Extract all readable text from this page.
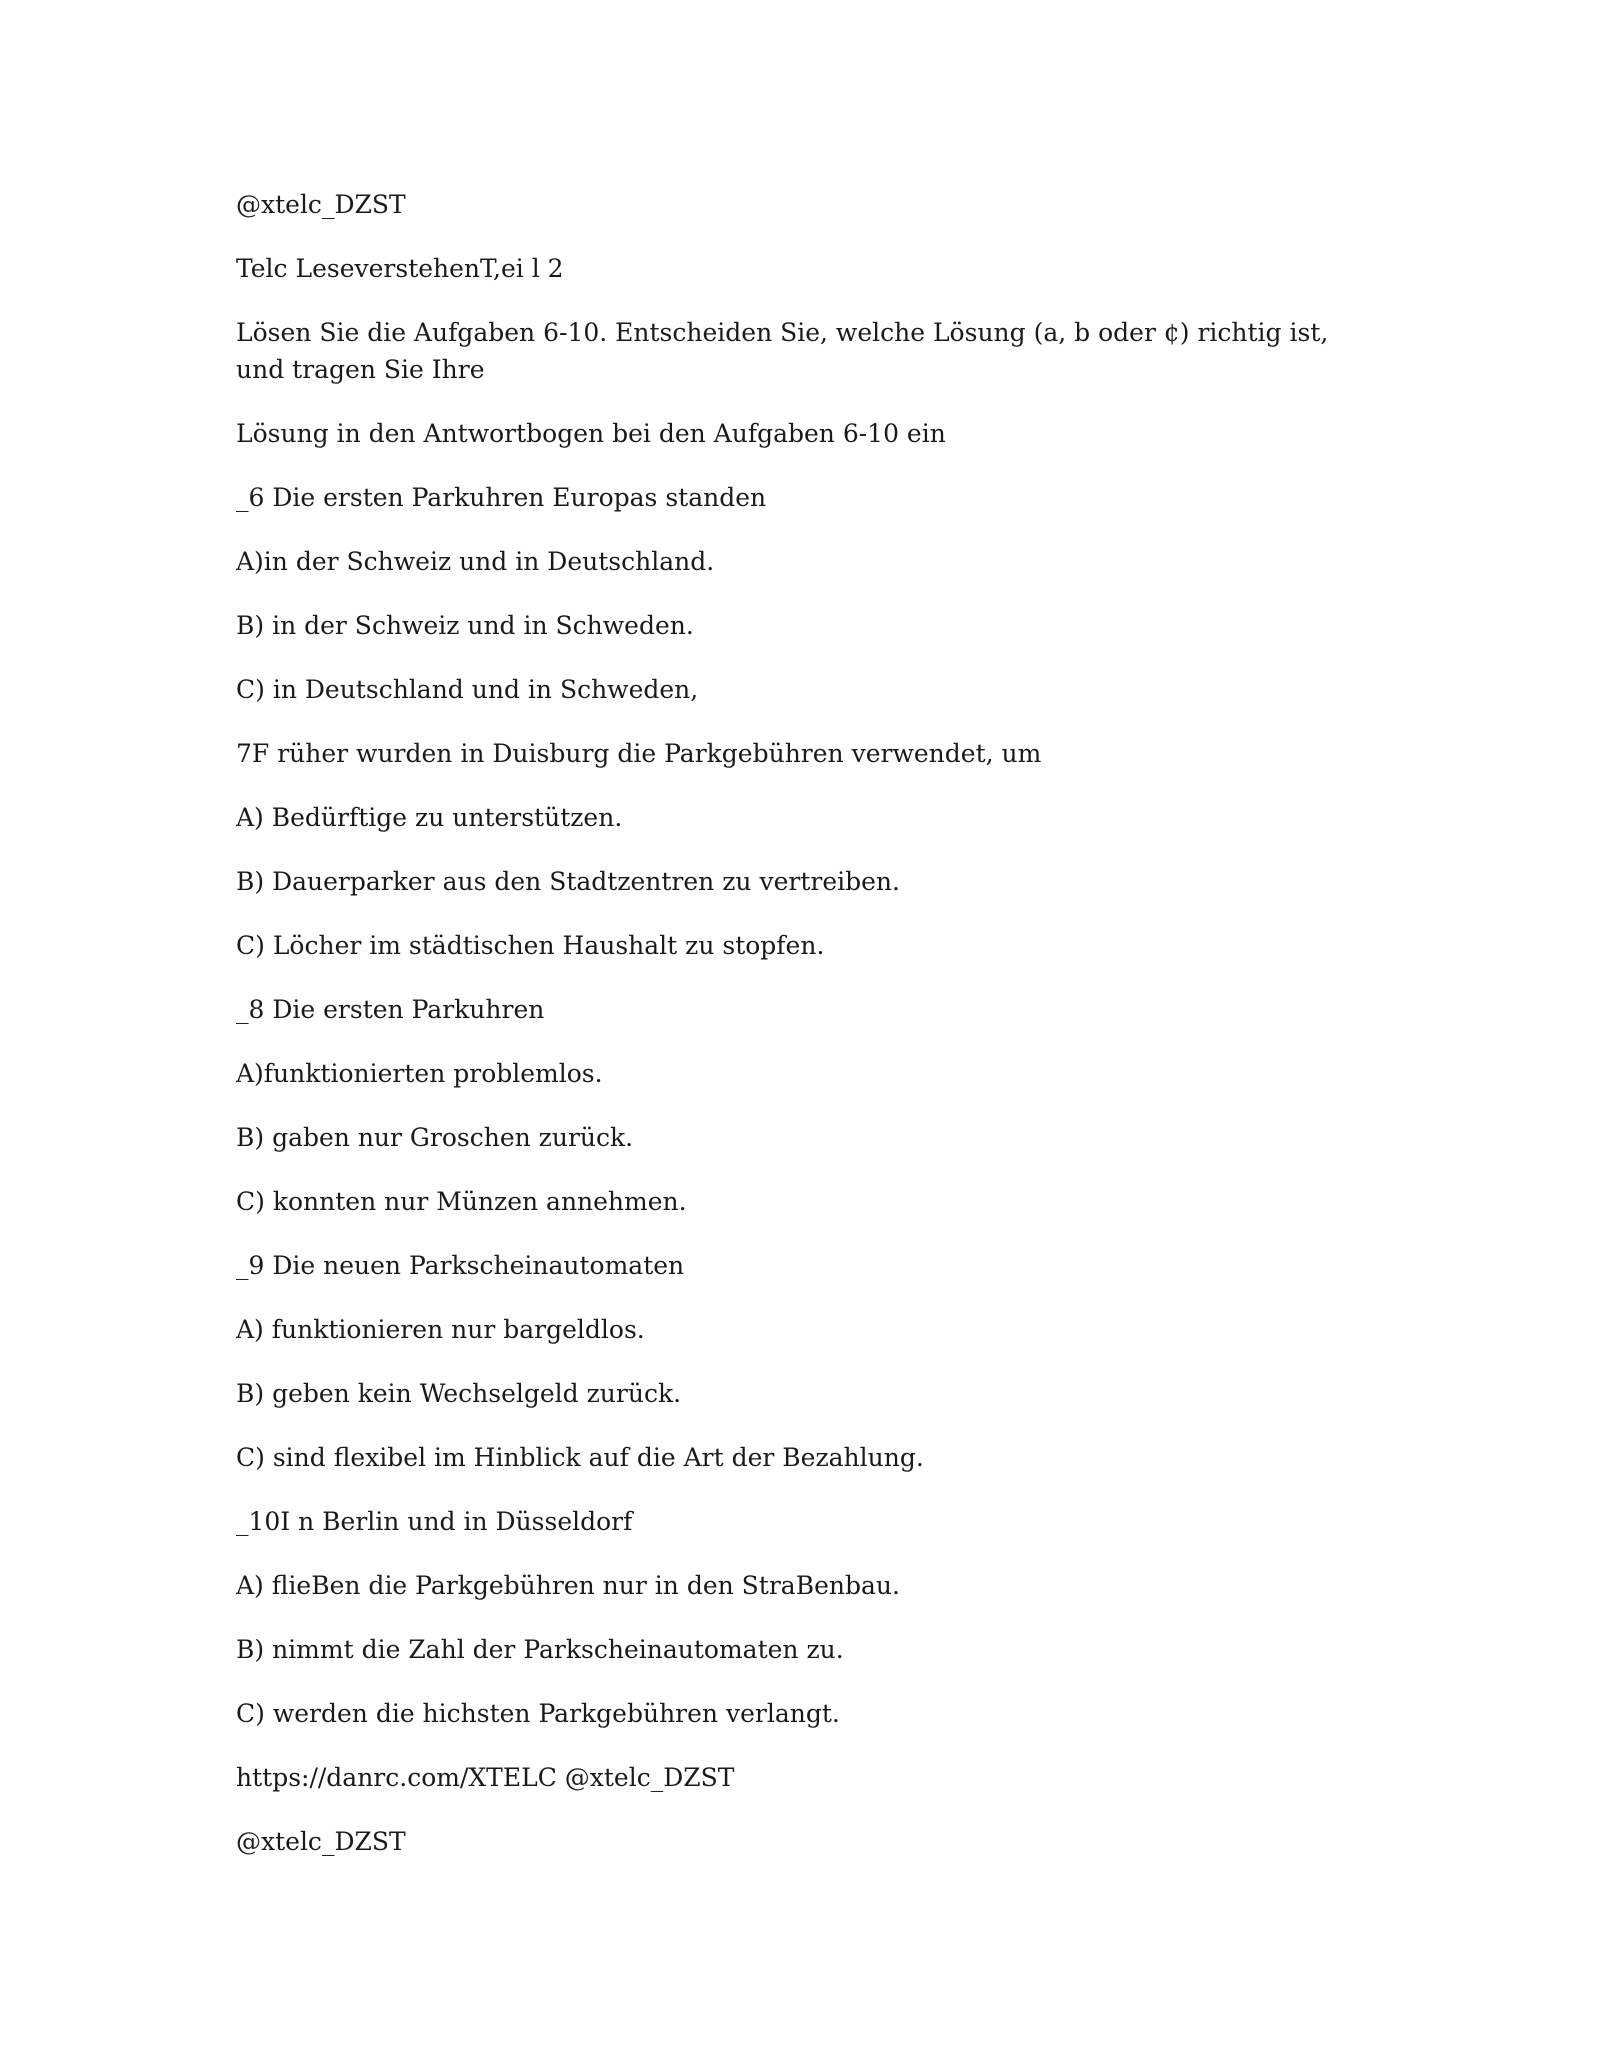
@xtelc_DZST

Telc LeseverstehenT,ei l 2

Lösen Sie die Aufgaben 6-10. Entscheiden Sie, welche Lösung (a, b oder ¢) richtig ist, und tragen Sie Ihre

Lösung in den Antwortbogen bei den Aufgaben 6-10 ein

_6 Die ersten Parkuhren Europas standen

A)in der Schweiz und in Deutschland.

B) in der Schweiz und in Schweden.

C) in Deutschland und in Schweden,

7F rüher wurden in Duisburg die Parkgebühren verwendet, um

A) Bedürftige zu unterstützen.

B) Dauerparker aus den Stadtzentren zu vertreiben.

C) Löcher im städtischen Haushalt zu stopfen.

_8 Die ersten Parkuhren

A)funktionierten problemlos.

B) gaben nur Groschen zurück.

C) konnten nur Münzen annehmen.

_9 Die neuen Parkscheinautomaten

A) funktionieren nur bargeldlos.

B) geben kein Wechselgeld zurück.

C) sind flexibel im Hinblick auf die Art der Bezahlung.

_10I n Berlin und in Düsseldorf

A) flieBen die Parkgebühren nur in den StraBenbau.

B) nimmt die Zahl der Parkscheinautomaten zu.

C) werden die hichsten Parkgebühren verlangt.

https://danrc.com/XTELC @xtelc_DZST

@xtelc_DZST
